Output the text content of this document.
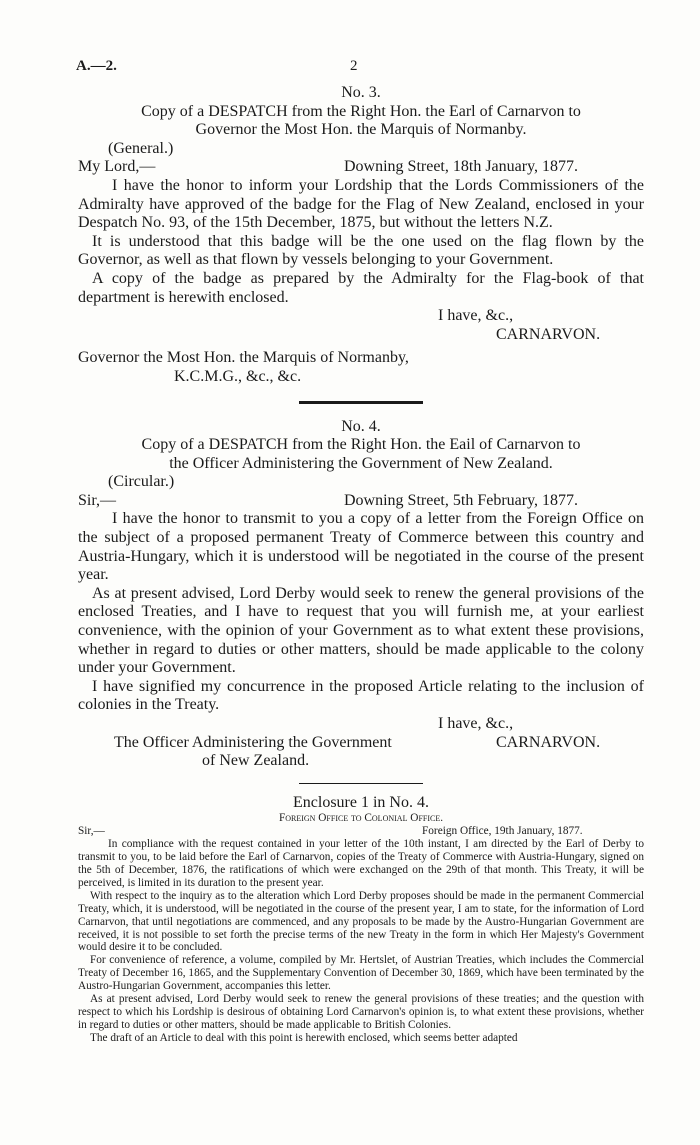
A.—2.	2
No. 3.
Copy of a DESPATCH from the Right Hon. the Earl of Carnarvon to
Governor the Most Hon. the Marquis of Normanby.
(General.)
My Lord,—	Downing Street, 18th January, 1877.

I have the honor to inform your Lordship that the Lords Commissioners of the Admiralty have approved of the badge for the Flag of New Zealand, enclosed in your Despatch No. 93, of the 15th December, 1875, but without the letters N.Z.

It is understood that this badge will be the one used on the flag flown by the Governor, as well as that flown by vessels belonging to your Government.

A copy of the badge as prepared by the Admiralty for the Flag-book of that department is herewith enclosed.

I have, &c.,
CARNARVON.
Governor the Most Hon. the Marquis of Normanby,
K.C.M.G., &c., &c.
No. 4.
Copy of a DESPATCH from the Right Hon. the Eail of Carnarvon to
the Officer Administering the Government of New Zealand.
(Circular.)
Sir,—	Downing Street, 5th February, 1877.

I have the honor to transmit to you a copy of a letter from the Foreign Office on the subject of a proposed permanent Treaty of Commerce between this country and Austria-Hungary, which it is understood will be negotiated in the course of the present year.

As at present advised, Lord Derby would seek to renew the general provisions of the enclosed Treaties, and I have to request that you will furnish me, at your earliest convenience, with the opinion of your Government as to what extent these provisions, whether in regard to duties or other matters, should be made applicable to the colony under your Government.

I have signified my concurrence in the proposed Article relating to the inclusion of colonies in the Treaty.

I have, &c.,
The Officer Administering the Government	CARNARVON.
of New Zealand.
Enclosure 1 in No. 4.
Foreign Office to Colonial Office.
Sir,—	Foreign Office, 19th January, 1877.

In compliance with the request contained in your letter of the 10th instant, I am directed by the Earl of Derby to transmit to you, to be laid before the Earl of Carnarvon, copies of the Treaty of Commerce with Austria-Hungary, signed on the 5th of December, 1876, the ratifications of which were exchanged on the 29th of that month. This Treaty, it will be perceived, is limited in its duration to the present year.

With respect to the inquiry as to the alteration which Lord Derby proposes should be made in the permanent Commercial Treaty, which, it is understood, will be negotiated in the course of the present year, I am to state, for the information of Lord Carnarvon, that until negotiations are commenced, and any proposals to be made by the Austro-Hungarian Government are received, it is not possible to set forth the precise terms of the new Treaty in the form in which Her Majesty's Government would desire it to be concluded.

For convenience of reference, a volume, compiled by Mr. Hertslet, of Austrian Treaties, which includes the Commercial Treaty of December 16, 1865, and the Supplementary Convention of December 30, 1869, which have been terminated by the Austro-Hungarian Government, accompanies this letter.

As at present advised, Lord Derby would seek to renew the general provisions of these treaties; and the question with respect to which his Lordship is desirous of obtaining Lord Carnarvon's opinion is, to what extent these provisions, whether in regard to duties or other matters, should be made applicable to British Colonies.

The draft of an Article to deal with this point is herewith enclosed, which seems better adapted
